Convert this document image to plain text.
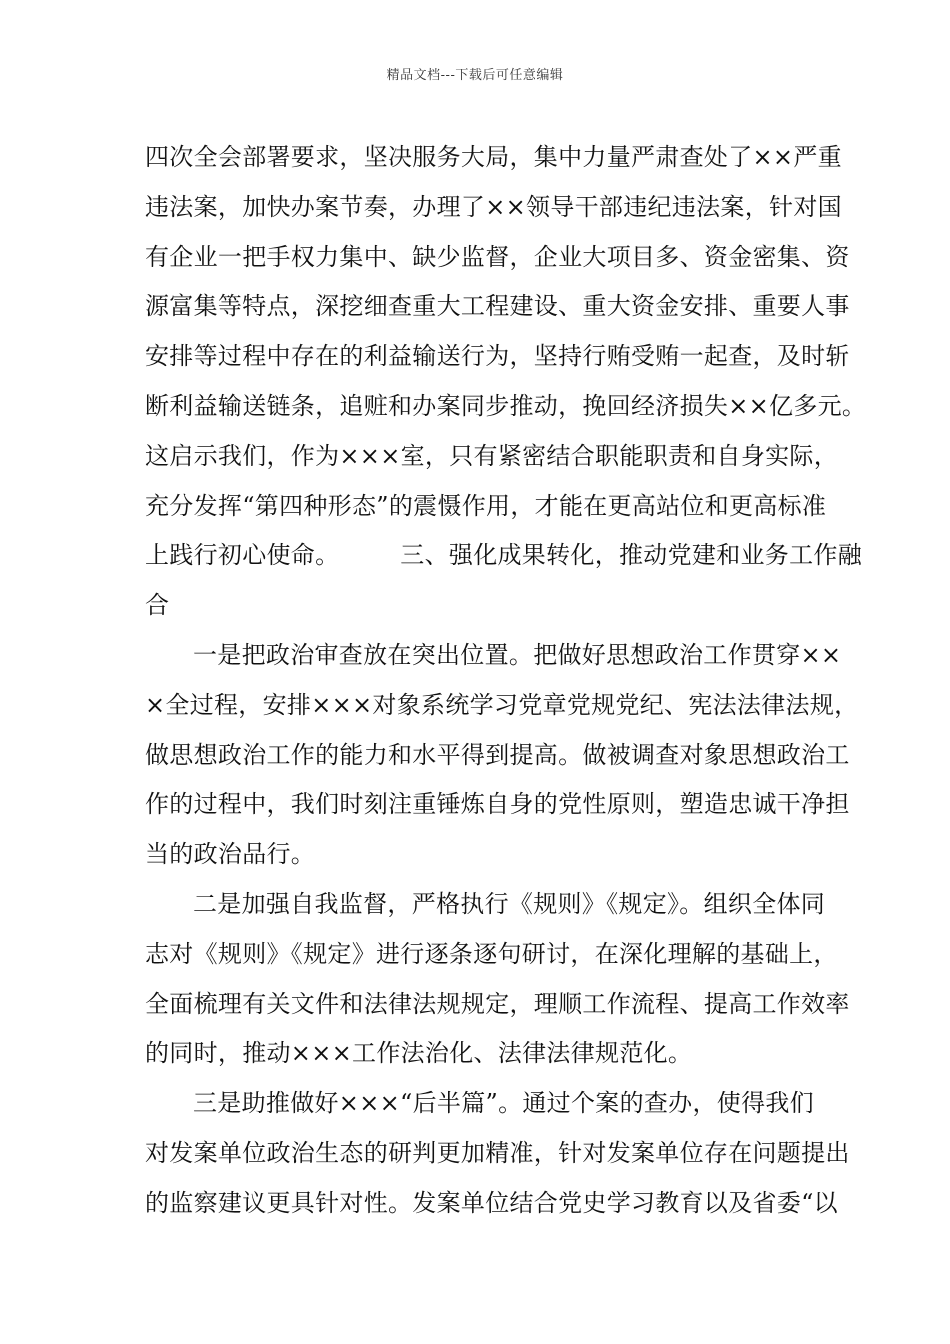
精品文档---下载后可任意编辑
四次全会部署要求，坚决服务大局，集中力量严肃查处了××严重
违法案，加快办案节奏，办理了××领导干部违纪违法案，针对国
有企业一把手权力集中、缺少监督，企业大项目多、资金密集、资
源富集等特点，深挖细查重大工程建设、重大资金安排、重要人事
安排等过程中存在的利益输送行为，坚持行贿受贿一起查，及时斩
断利益输送链条，追赃和办案同步推动，挽回经济损失××亿多元。
这启示我们，作为×××室，只有紧密结合职能职责和自身实际，
充分发挥“第四种形态”的震慑作用，才能在更高站位和更高标准
上践行初心使命。　　　三、强化成果转化，推动党建和业务工作融
合
一是把政治审查放在突出位置。把做好思想政治工作贯穿××
×全过程，安排×××对象系统学习党章党规党纪、宪法法律法规，
做思想政治工作的能力和水平得到提高。做被调查对象思想政治工
作的过程中，我们时刻注重锤炼自身的党性原则，塑造忠诚干净担
当的政治品行。
二是加强自我监督，严格执行《规则》《规定》。组织全体同
志对《规则》《规定》进行逐条逐句研讨，在深化理解的基础上，
全面梳理有关文件和法律法规规定，理顺工作流程、提高工作效率
的同时，推动×××工作法治化、法律法律规范化。
三是助推做好×××“后半篇”。通过个案的查办，使得我们
对发案单位政治生态的研判更加精准，针对发案单位存在问题提出
的监察建议更具针对性。发案单位结合党史学习教育以及省委“以
